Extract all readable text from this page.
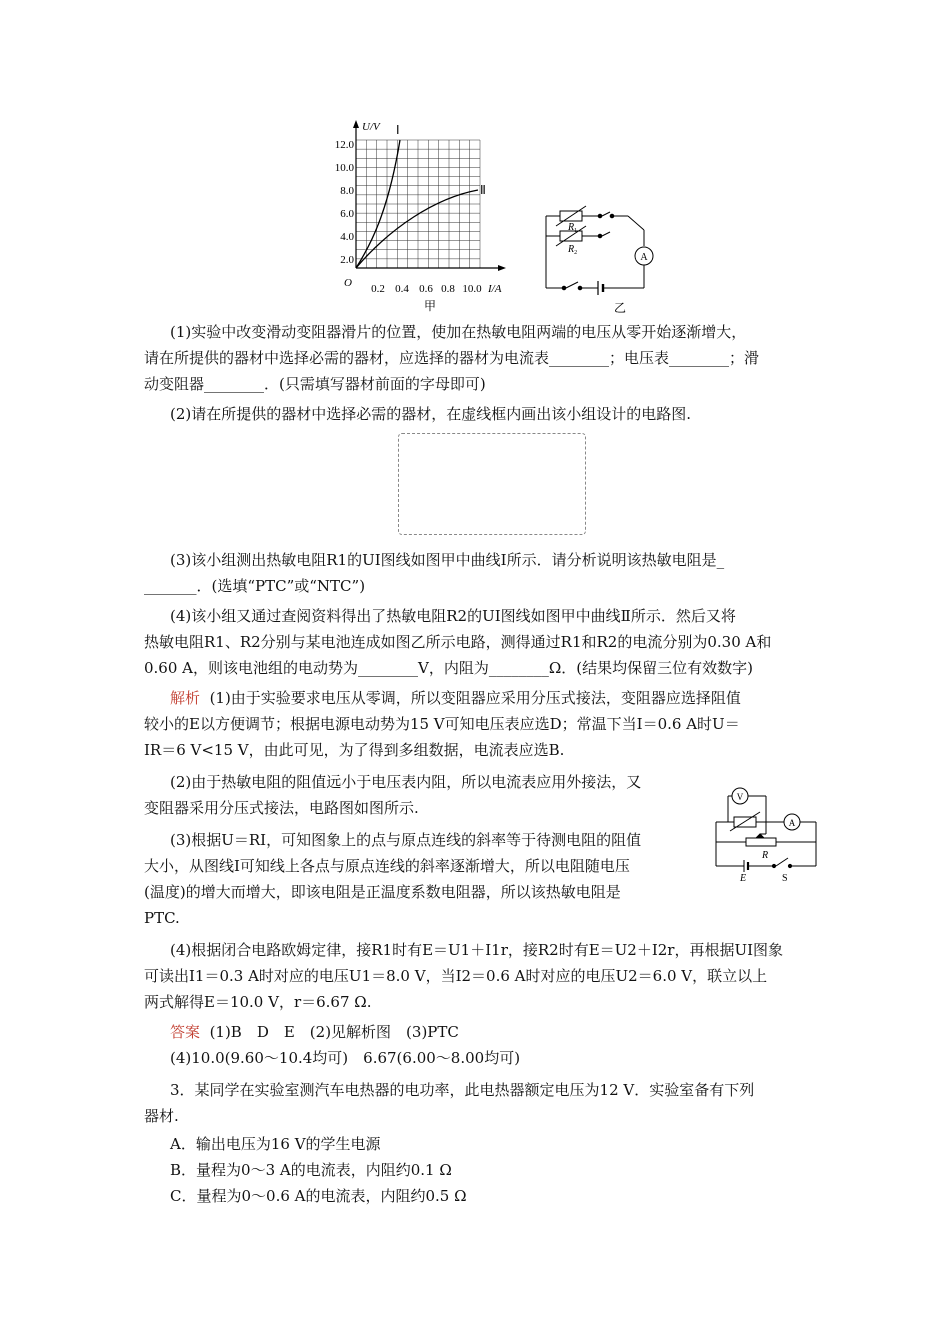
U/V
I/A
O
Ⅰ
Ⅱ
12.0
10.0
8.0
6.0
4.0
2.0
0.2 0.4 0.6 0.8 10.0
甲
$R_1$
$R_2$	A
乙
(1)实验中改变滑动变阻器滑片的位置，使加在热敏电阻两端的电压从零开始逐渐增大，
请在所提供的器材中选择必需的器材，应选择的器材为电流表________；电压表________；滑
动变阻器________．(只需填写器材前面的字母即可)
(2)请在所提供的器材中选择必需的器材，在虚线框内画出该小组设计的电路图.
(3)该小组测出热敏电阻R1的UI图线如图甲中曲线Ⅰ所示．请分析说明该热敏电阻是_
_______．(选填“PTC”或“NTC”)
(4)该小组又通过查阅资料得出了热敏电阻R2的UI图线如图甲中曲线Ⅱ所示．然后又将
热敏电阻R1、R2分别与某电池连成如图乙所示电路，测得通过R1和R2的电流分别为0.30 A和
0.60 A，则该电池组的电动势为________V，内阻为________Ω．(结果均保留三位有效数字)
解析 (1)由于实验要求电压从零调，所以变阻器应采用分压式接法，变阻器应选择阻值
较小的E以方便调节；根据电源电动势为15 V可知电压表应选D；常温下当I＝0.6 A时U＝
IR＝6 V<15 V，由此可见，为了得到多组数据，电流表应选B.
(2)由于热敏电阻的阻值远小于电压表内阻，所以电流表应用外接法，又
变阻器采用分压式接法，电路图如图所示.
(3)根据U＝RI，可知图象上的点与原点连线的斜率等于待测电阻的阻值
大小，从图线Ⅰ可知线上各点与原点连线的斜率逐渐增大，所以电阻随电压
(温度)的增大而增大，即该电阻是正温度系数电阻器，所以该热敏电阻是
PTC.
V
A
R
E	S
(4)根据闭合电路欧姆定律，接R1时有E＝U1＋I1r，接R2时有E＝U2＋I2r，再根据UI图象
可读出I1＝0.3 A时对应的电压U1＝8.0 V，当I2＝0.6 A时对应的电压U2＝6.0 V，联立以上
两式解得E＝10.0 V，r＝6.67 Ω.
答案 (1)B　D　E　(2)见解析图　(3)PTC
(4)10.0(9.60～10.4均可)　6.67(6.00～8.00均可)
3．某同学在实验室测汽车电热器的电功率，此电热器额定电压为12 V．实验室备有下列
器材.
A．输出电压为16 V的学生电源
B．量程为0～3 A的电流表，内阻约0.1 Ω
C．量程为0～0.6 A的电流表，内阻约0.5 Ω
